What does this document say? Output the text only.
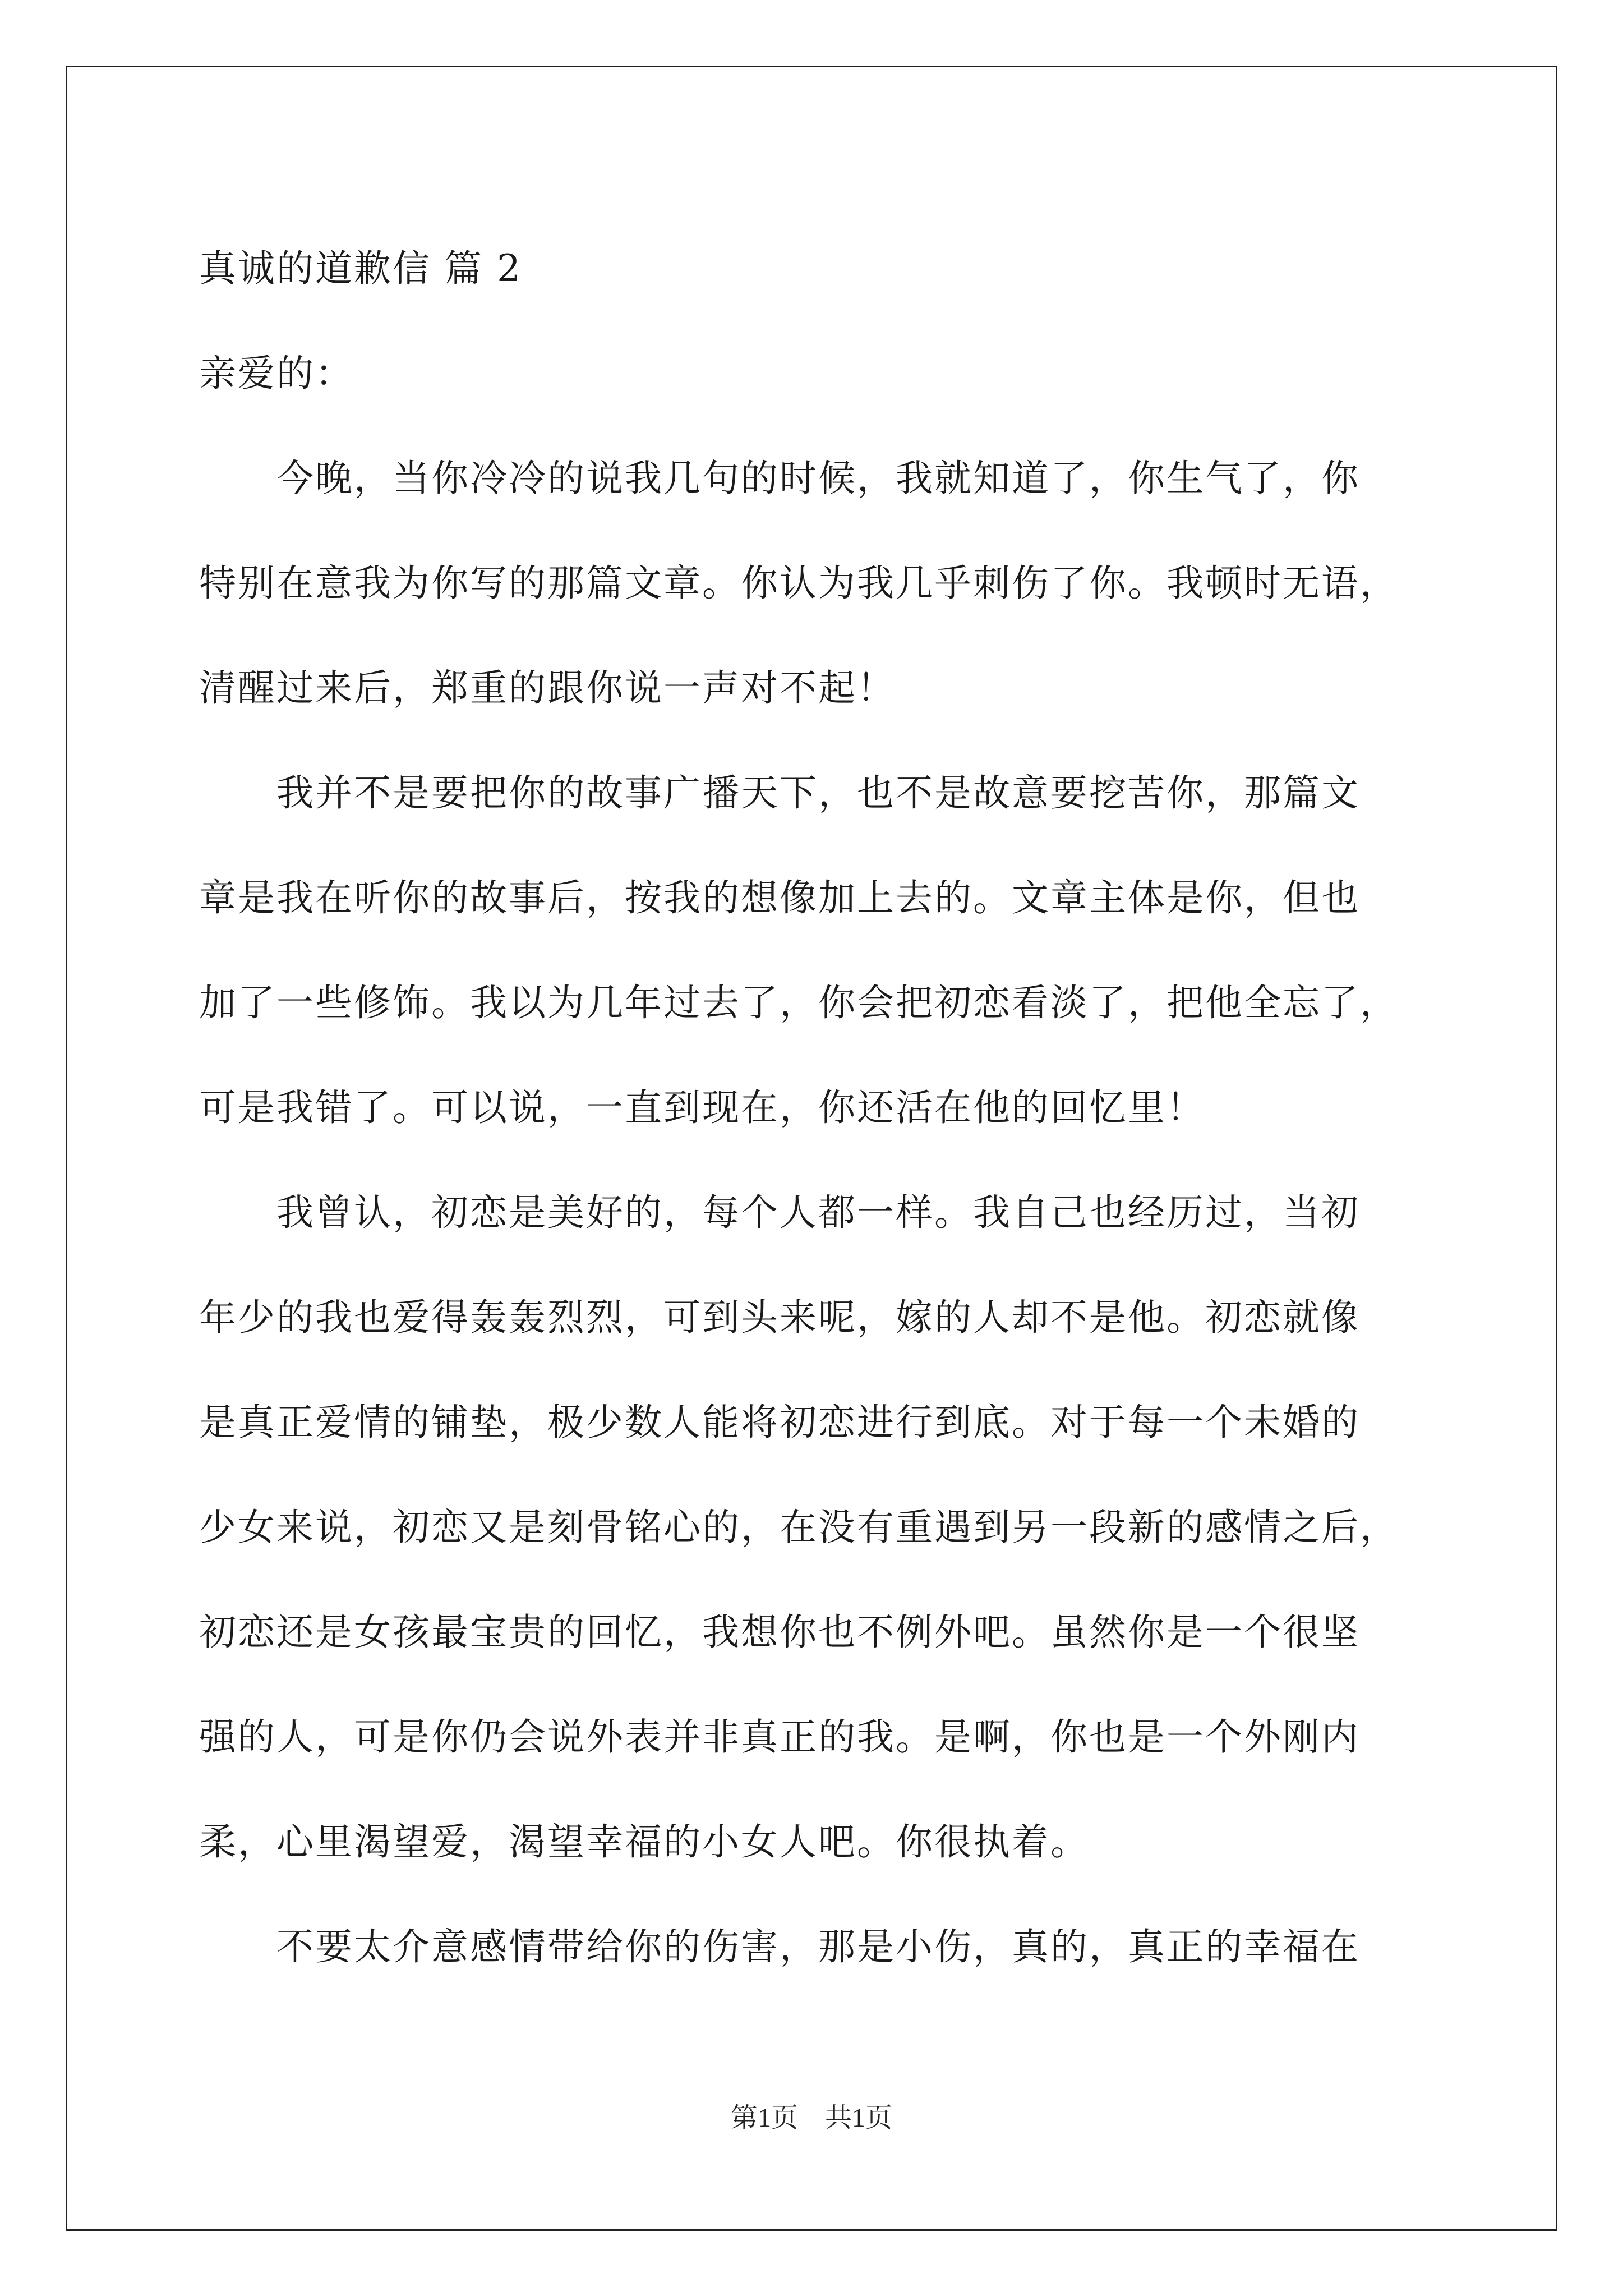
真诚的道歉信 篇 2
亲爱的：
　　今晚，当你冷冷的说我几句的时候，我就知道了，你生气了，你
特别在意我为你写的那篇文章。你认为我几乎刺伤了你。我顿时无语，
清醒过来后，郑重的跟你说一声对不起！
　　我并不是要把你的故事广播天下，也不是故意要挖苦你，那篇文
章是我在听你的故事后，按我的想像加上去的。文章主体是你，但也
加了一些修饰。我以为几年过去了，你会把初恋看淡了，把他全忘了，
可是我错了。可以说，一直到现在，你还活在他的回忆里！
　　我曾认，初恋是美好的，每个人都一样。我自己也经历过，当初
年少的我也爱得轰轰烈烈，可到头来呢，嫁的人却不是他。初恋就像
是真正爱情的铺垫，极少数人能将初恋进行到底。对于每一个未婚的
少女来说，初恋又是刻骨铭心的，在没有重遇到另一段新的感情之后，
初恋还是女孩最宝贵的回忆，我想你也不例外吧。虽然你是一个很坚
强的人，可是你仍会说外表并非真正的我。是啊，你也是一个外刚内
柔，心里渴望爱，渴望幸福的小女人吧。你很执着。
　　不要太介意感情带给你的伤害，那是小伤，真的，真正的幸福在
第1页　共1页
